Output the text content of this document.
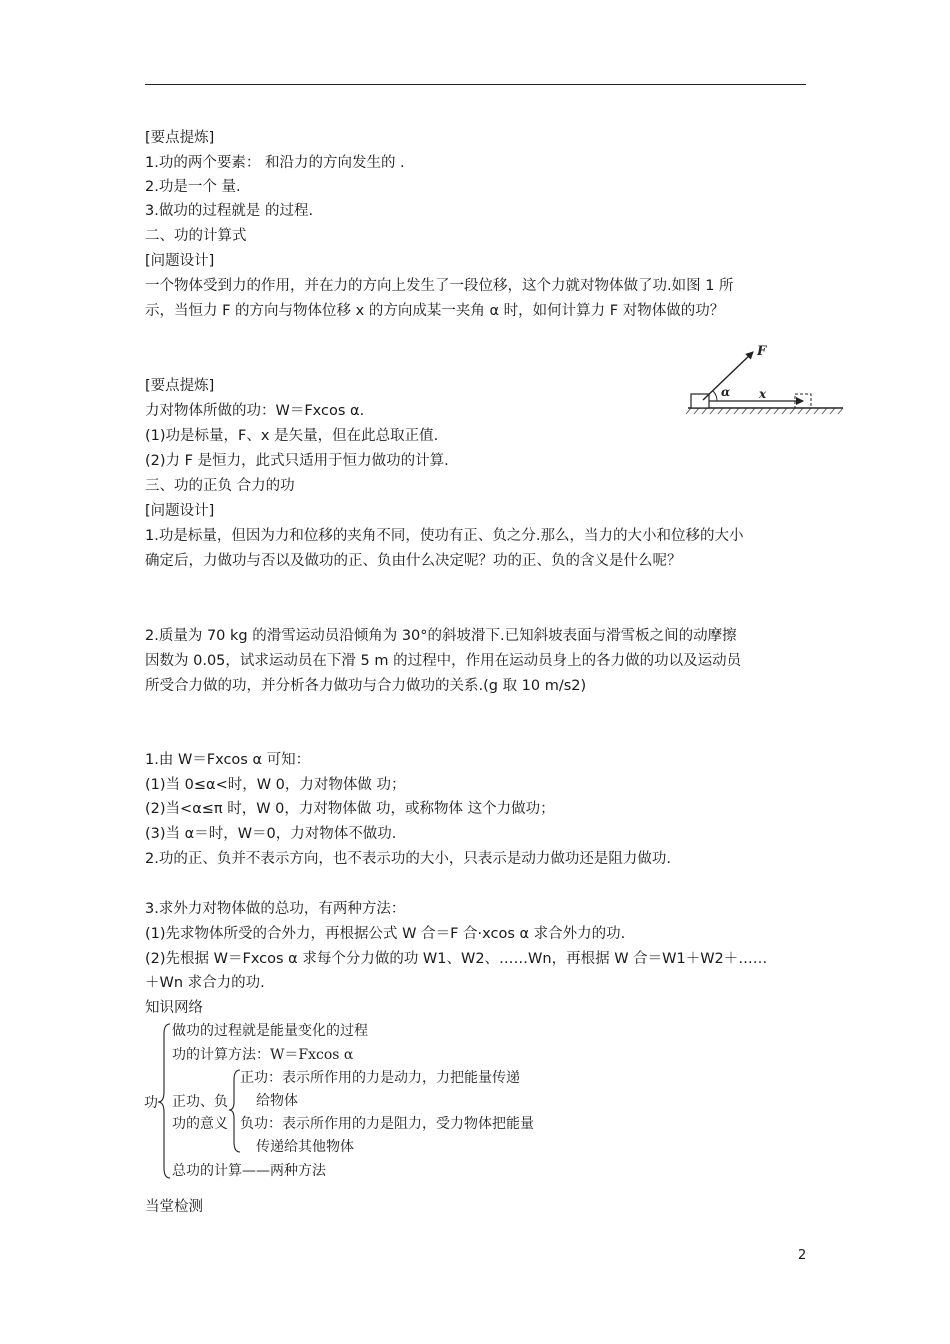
[要点提炼]
1.功的两个要素： 和沿力的方向发生的 .
2.功是一个 量.
3.做功的过程就是 的过程.
二、功的计算式
[问题设计]
一个物体受到力的作用，并在力的方向上发生了一段位移，这个力就对物体做了功.如图 1 所
示，当恒力 F 的方向与物体位移 x 的方向成某一夹角 α 时，如何计算力 F 对物体做的功？
[要点提炼]
力对物体所做的功：W＝Fxcos α.
(1)功是标量，F、x 是矢量，但在此总取正值.
(2)力 F 是恒力，此式只适用于恒力做功的计算.
三、功的正负 合力的功
[问题设计]
1.功是标量，但因为力和位移的夹角不同，使功有正、负之分.那么，当力的大小和位移的大小
确定后，力做功与否以及做功的正、负由什么决定呢？功的正、负的含义是什么呢？
2.质量为 70 kg 的滑雪运动员沿倾角为 30°的斜坡滑下.已知斜坡表面与滑雪板之间的动摩擦
因数为 0.05，试求运动员在下滑 5 m 的过程中，作用在运动员身上的各力做的功以及运动员
所受合力做的功，并分析各力做功与合力做功的关系.(g 取 10 m/s2)
1.由 W＝Fxcos α 可知：
(1)当 0≤α<时，W 0，力对物体做 功；
(2)当<α≤π 时，W 0，力对物体做 功，或称物体 这个力做功；
(3)当 α＝时，W＝0，力对物体不做功.
2.功的正、负并不表示方向，也不表示功的大小，只表示是动力做功还是阻力做功.
3.求外力对物体做的总功，有两种方法：
(1)先求物体所受的合外力，再根据公式 W 合＝F 合·xcos α 求合外力的功.
(2)先根据 W＝Fxcos α 求每个分力做的功 W1、W2、……Wn，再根据 W 合＝W1＋W2＋……
＋Wn 求合力的功.
知识网络
当堂检测
F
α x
功
做功的过程就是能量变化的过程
功的计算方法：W＝Fxcos α
正功、负
功的意义
正功：表示所作用的力是动力，力把能量传递
给物体
负功：表示所作用的力是阻力，受力物体把能量
传递给其他物体
总功的计算——两种方法
2
